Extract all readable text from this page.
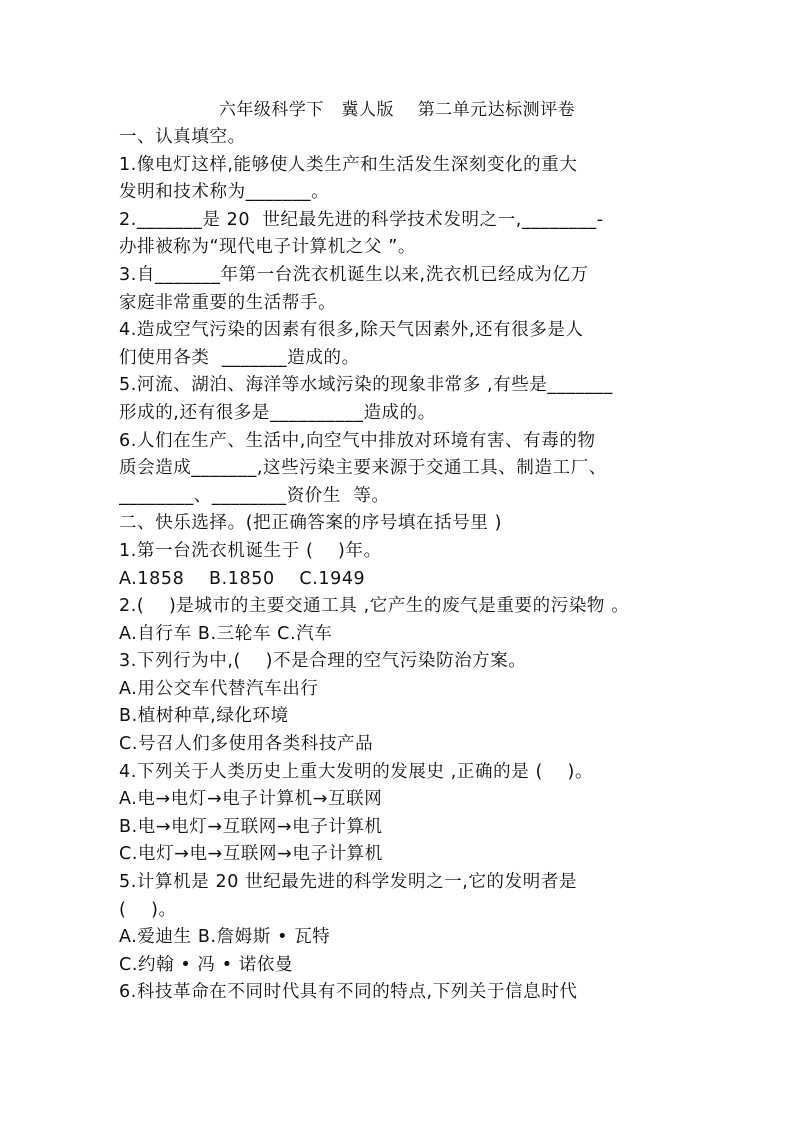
六年级科学下   冀人版    第二单元达标测评卷
一、认真填空。
1.像电灯这样,能够使人类生产和生活发生深刻变化的重大
发明和技术称为_______。
2._______是 20  世纪最先进的科学技术发明之一,________-
办排被称为“现代电子计算机之父 ”。
3.自_______年第一台洗衣机诞生以来,洗衣机已经成为亿万
家庭非常重要的生活帮手。
4.造成空气污染的因素有很多,除天气因素外,还有很多是人
们使用各类  _______造成的。
5.河流、湖泊、海洋等水域污染的现象非常多 ,有些是_______
形成的,还有很多是__________造成的。
6.人们在生产、生活中,向空气中排放对环境有害、有毒的物
质会造成_______,这些污染主要来源于交通工具、制造工厂、
________、________资价生  等。
二、快乐选择。(把正确答案的序号填在括号里 )
1.第一台洗衣机诞生于 (    )年。
A.1858    B.1850    C.1949
2.(    )是城市的主要交通工具 ,它产生的废气是重要的污染物 。
A.自行车 B.三轮车 C.汽车
3.下列行为中,(    )不是合理的空气污染防治方案。
A.用公交车代替汽车出行
B.植树种草,绿化环境
C.号召人们多使用各类科技产品
4.下列关于人类历史上重大发明的发展史 ,正确的是 (    )。
A.电→电灯→电子计算机→互联网
B.电→电灯→互联网→电子计算机
C.电灯→电→互联网→电子计算机
5.计算机是 20 世纪最先进的科学发明之一,它的发明者是
(    )。
A.爱迪生 B.詹姆斯 • 瓦特
C.约翰 • 冯 • 诺依曼
6.科技革命在不同时代具有不同的特点,下列关于信息时代
